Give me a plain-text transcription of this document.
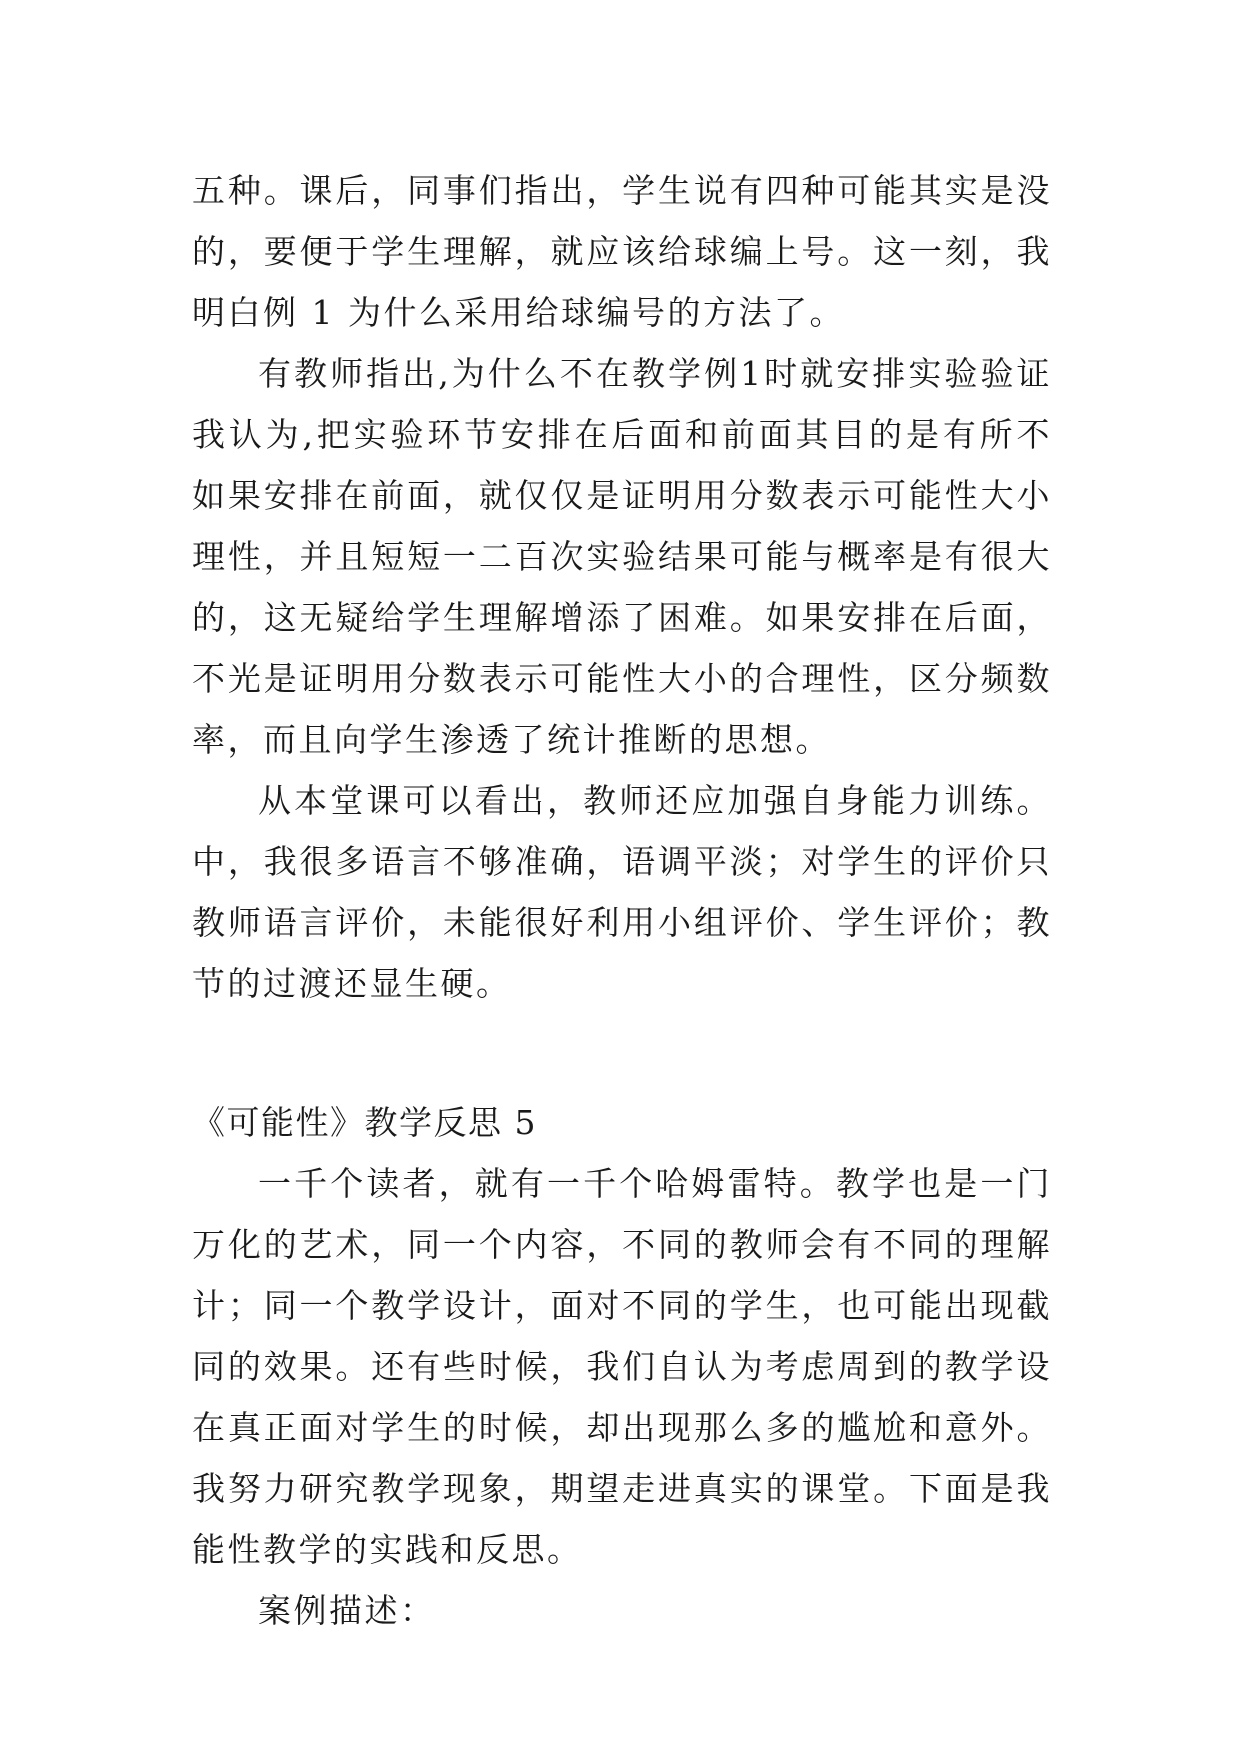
五种。课后，同事们指出，学生说有四种可能其实是没
的，要便于学生理解，就应该给球编上号。这一刻，我
明白例 1 为什么采用给球编号的方法了。
有教师指出,为什么不在教学例1时就安排实验验证
我认为,把实验环节安排在后面和前面其目的是有所不
如果安排在前面，就仅仅是证明用分数表示可能性大小
理性，并且短短一二百次实验结果可能与概率是有很大
的，这无疑给学生理解增添了困难。如果安排在后面，
不光是证明用分数表示可能性大小的合理性，区分频数
率，而且向学生渗透了统计推断的思想。
从本堂课可以看出，教师还应加强自身能力训练。
中，我很多语言不够准确，语调平淡；对学生的评价只
教师语言评价，未能很好利用小组评价、学生评价；教
节的过渡还显生硬。
《可能性》教学反思 5
一千个读者，就有一千个哈姆雷特。教学也是一门
万化的艺术，同一个内容，不同的教师会有不同的理解
计；同一个教学设计，面对不同的学生，也可能出现截
同的效果。还有些时候，我们自认为考虑周到的教学设
在真正面对学生的时候，却出现那么多的尴尬和意外。
我努力研究教学现象，期望走进真实的课堂。下面是我
能性教学的实践和反思。
案例描述：
